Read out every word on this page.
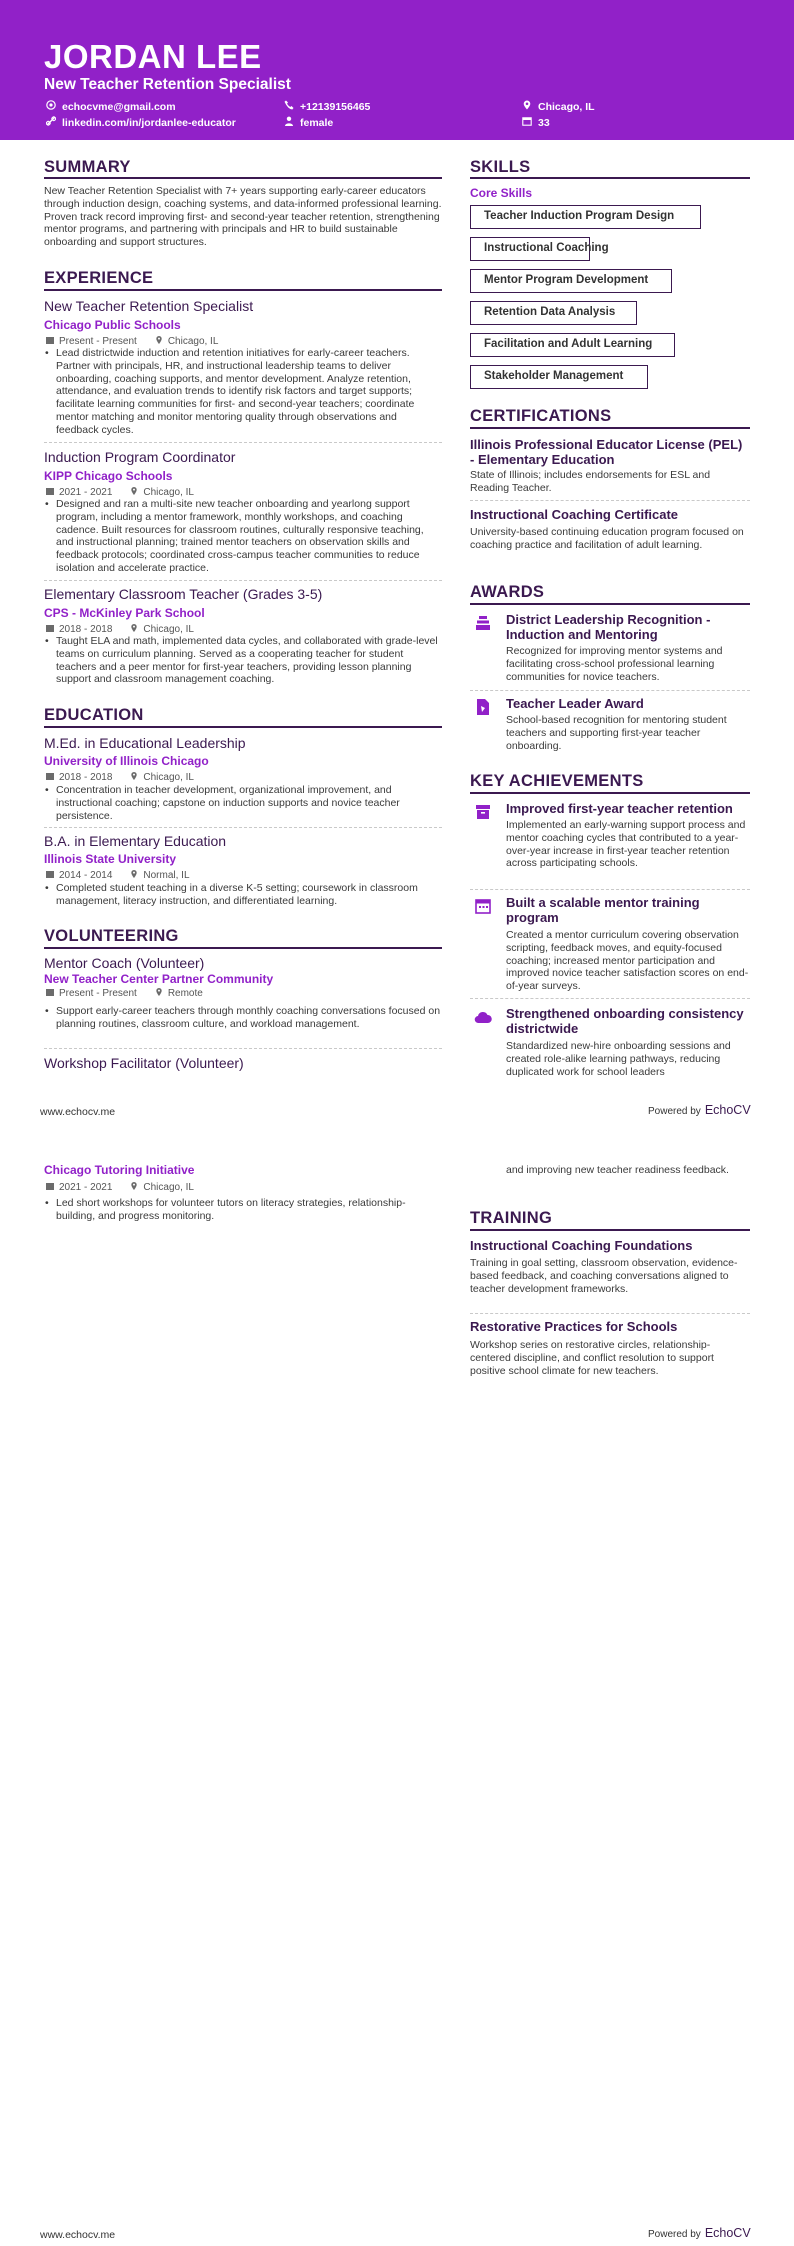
JORDAN LEE
New Teacher Retention Specialist
echocvme@gmail.com	+12139156465	Chicago, IL
linkedin.com/in/jordanlee-educator	female	33
SUMMARY
New Teacher Retention Specialist with 7+ years supporting early-career educators through induction design, coaching systems, and data-informed professional learning. Proven track record improving first- and second-year teacher retention, strengthening mentor programs, and partnering with principals and HR to build sustainable onboarding and support structures.
EXPERIENCE
New Teacher Retention Specialist
Chicago Public Schools
Present - Present	Chicago, IL
• Lead districtwide induction and retention initiatives for early-career teachers. Partner with principals, HR, and instructional leadership teams to deliver onboarding, coaching supports, and mentor development. Analyze retention, attendance, and evaluation trends to identify risk factors and target supports; facilitate learning communities for first- and second-year teachers; coordinate mentor matching and monitor mentoring quality through observations and feedback cycles.
Induction Program Coordinator
KIPP Chicago Schools
2021 - 2021	Chicago, IL
• Designed and ran a multi-site new teacher onboarding and yearlong support program, including a mentor framework, monthly workshops, and coaching cadence. Built resources for classroom routines, culturally responsive teaching, and instructional planning; trained mentor teachers on observation skills and feedback protocols; coordinated cross-campus teacher communities to reduce isolation and accelerate practice.
Elementary Classroom Teacher (Grades 3-5)
CPS - McKinley Park School
2018 - 2018	Chicago, IL
• Taught ELA and math, implemented data cycles, and collaborated with grade-level teams on curriculum planning. Served as a cooperating teacher for student teachers and a peer mentor for first-year teachers, providing lesson planning support and classroom management coaching.
EDUCATION
M.Ed. in Educational Leadership
University of Illinois Chicago
2018 - 2018	Chicago, IL
• Concentration in teacher development, organizational improvement, and instructional coaching; capstone on induction supports and novice teacher persistence.
B.A. in Elementary Education
Illinois State University
2014 - 2014	Normal, IL
• Completed student teaching in a diverse K-5 setting; coursework in classroom management, literacy instruction, and differentiated learning.
VOLUNTEERING
Mentor Coach (Volunteer)
New Teacher Center Partner Community
Present - Present	Remote
• Support early-career teachers through monthly coaching conversations focused on planning routines, classroom culture, and workload management.
Workshop Facilitator (Volunteer)
www.echocv.me	Powered by EchoCV
Chicago Tutoring Initiative
2021 - 2021	Chicago, IL
• Led short workshops for volunteer tutors on literacy strategies, relationship-building, and progress monitoring.
SKILLS
Core Skills
Teacher Induction Program Design
Instructional Coaching
Mentor Program Development
Retention Data Analysis
Facilitation and Adult Learning
Stakeholder Management
CERTIFICATIONS
Illinois Professional Educator License (PEL) - Elementary Education
State of Illinois; includes endorsements for ESL and Reading Teacher.
Instructional Coaching Certificate
University-based continuing education program focused on coaching practice and facilitation of adult learning.
AWARDS
District Leadership Recognition - Induction and Mentoring
Recognized for improving mentor systems and facilitating cross-school professional learning communities for novice teachers.
Teacher Leader Award
School-based recognition for mentoring student teachers and supporting first-year teacher onboarding.
KEY ACHIEVEMENTS
Improved first-year teacher retention
Implemented an early-warning support process and mentor coaching cycles that contributed to a year-over-year increase in first-year teacher retention across participating schools.
Built a scalable mentor training program
Created a mentor curriculum covering observation scripting, feedback moves, and equity-focused coaching; increased mentor participation and improved novice teacher satisfaction scores on end-of-year surveys.
Strengthened onboarding consistency districtwide
Standardized new-hire onboarding sessions and created role-alike learning pathways, reducing duplicated work for school leaders
and improving new teacher readiness feedback.
TRAINING
Instructional Coaching Foundations
Training in goal setting, classroom observation, evidence-based feedback, and coaching conversations aligned to teacher development frameworks.
Restorative Practices for Schools
Workshop series on restorative circles, relationship-centered discipline, and conflict resolution to support positive school climate for new teachers.
www.echocv.me	Powered by EchoCV
